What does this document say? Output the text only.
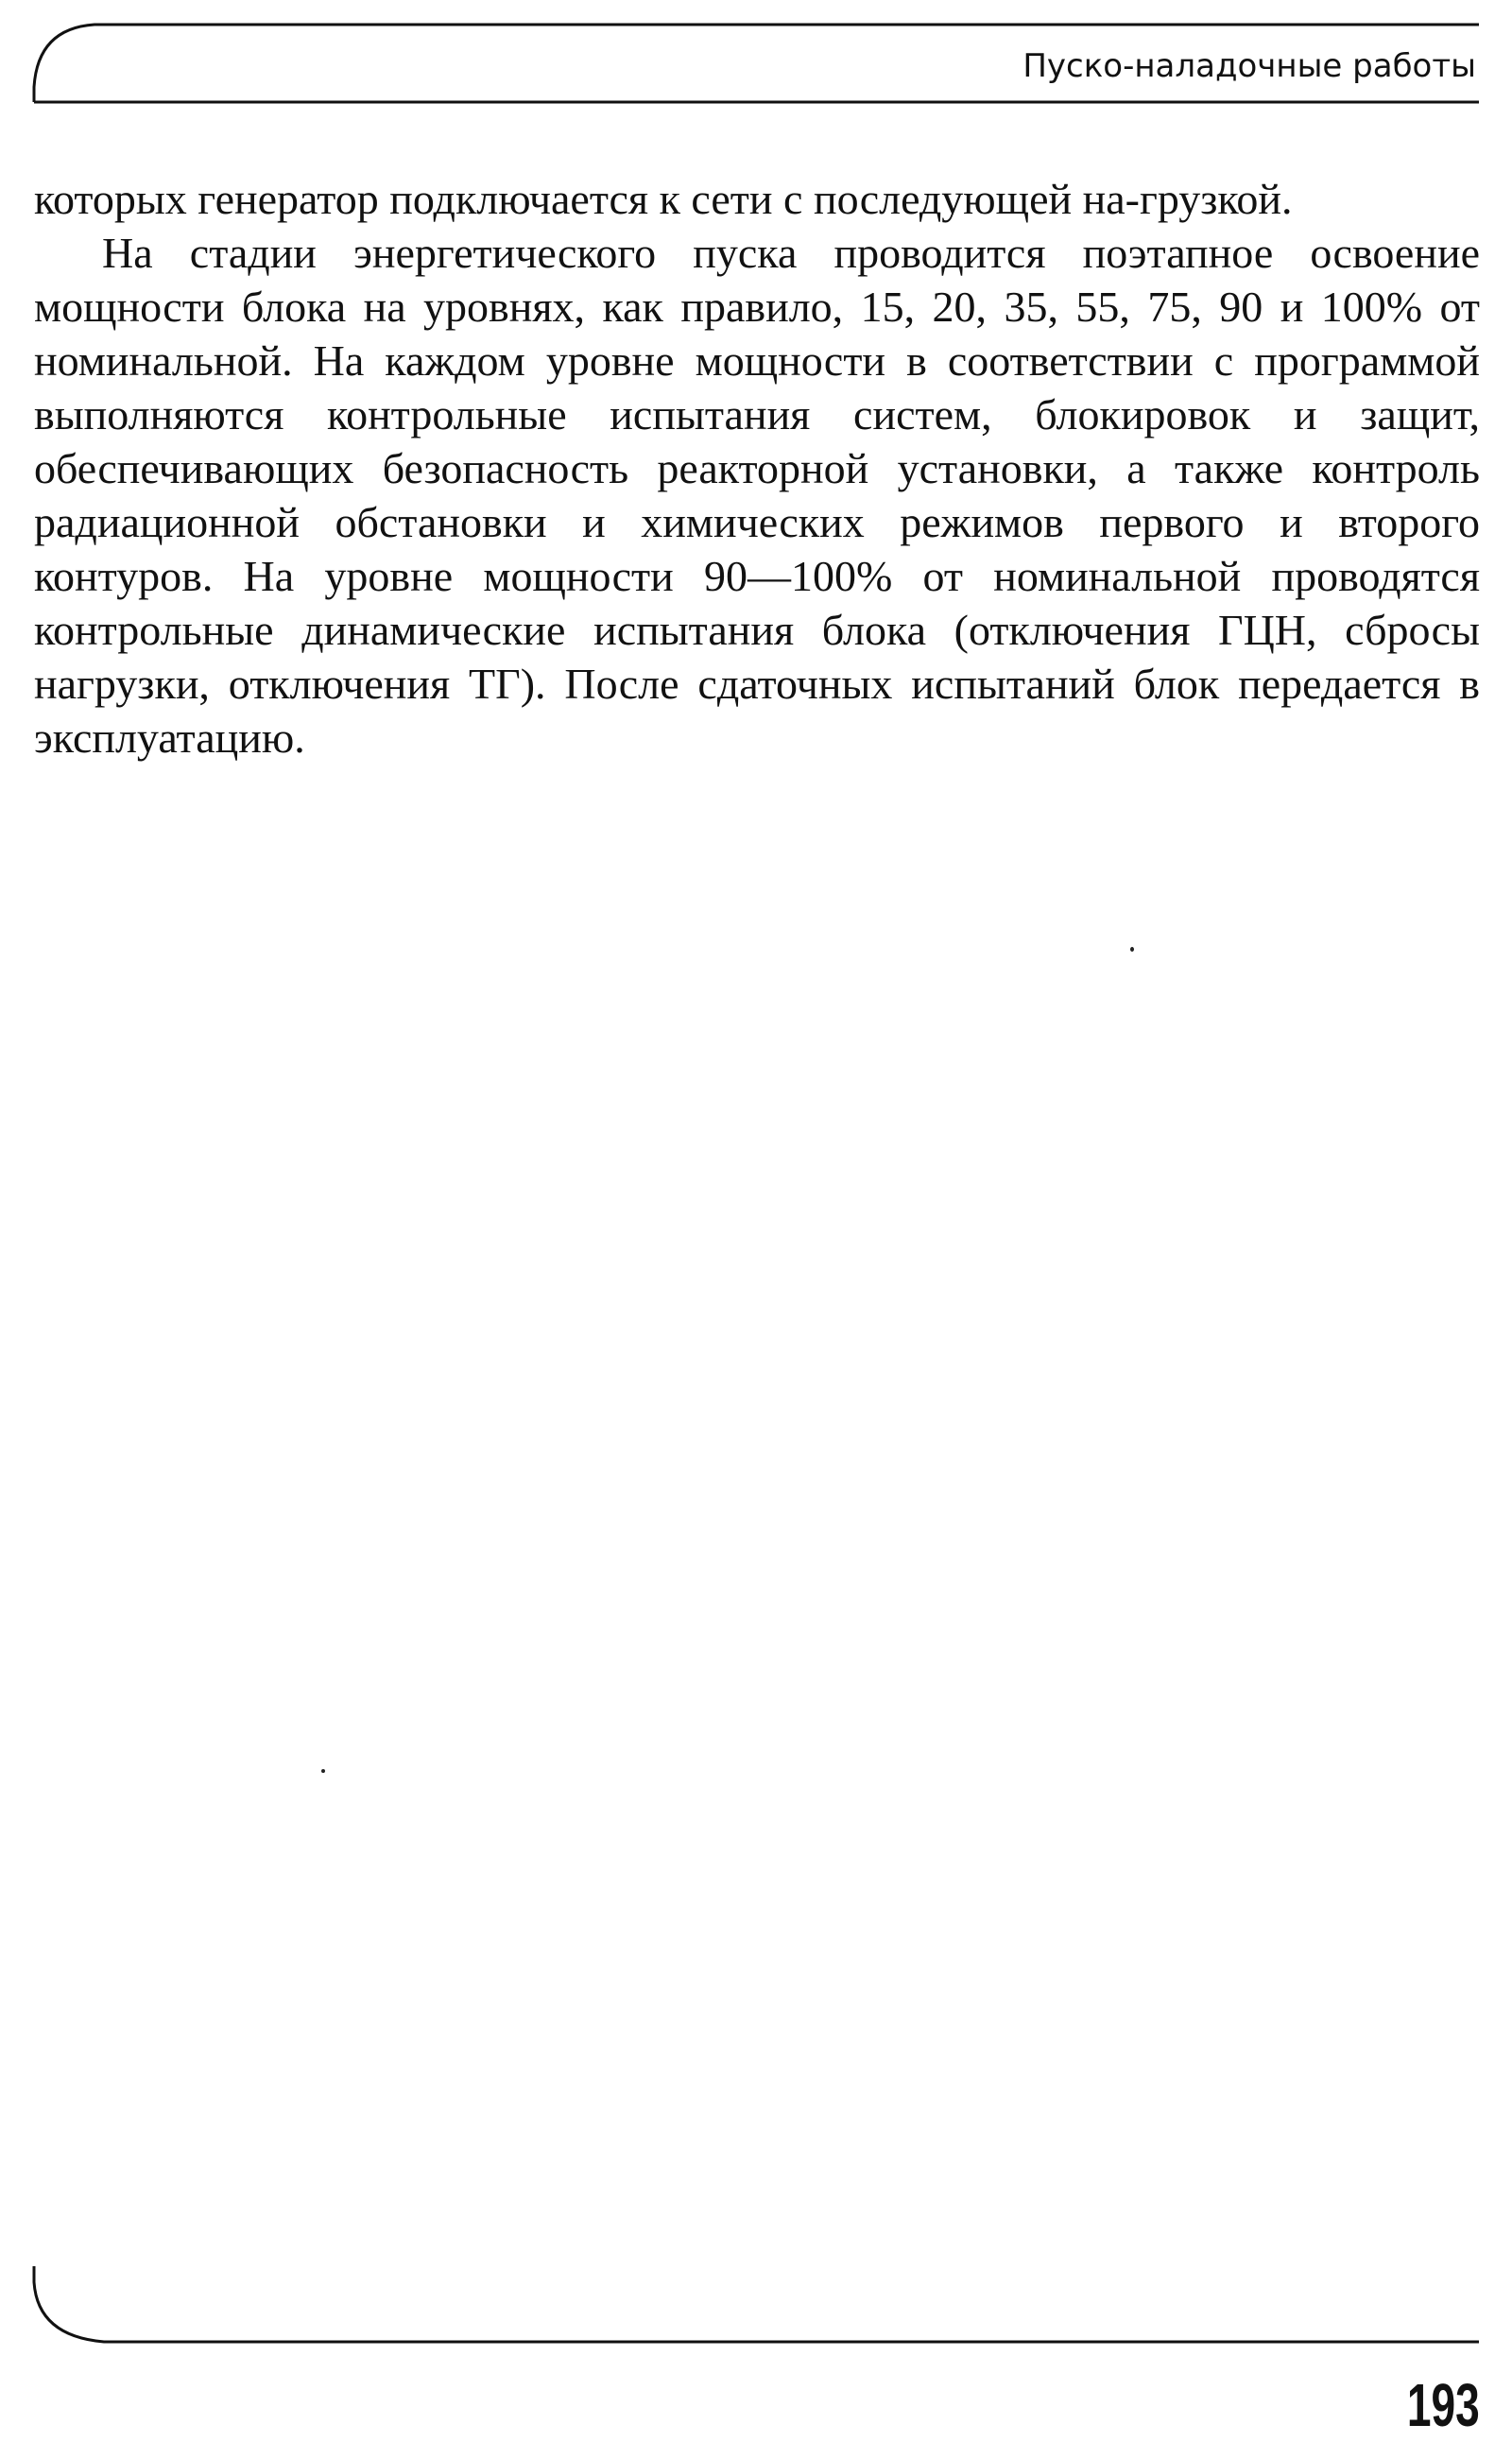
Пуско-наладочные работы

которых генератор подключается к сети с последующей на-грузкой.

На стадии энергетического пуска проводится поэтапное освоение мощности блока на уровнях, как правило, 15, 20, 35, 55, 75, 90 и 100% от номинальной. На каждом уровне мощности в соответствии с программой выполняются контрольные испытания систем, блокировок и защит, обеспечивающих безопасность реакторной установки, а также контроль радиационной обстановки и химических режимов первого и второго контуров. На уровне мощности 90—100% от номинальной проводятся контрольные динамические испытания блока (отключения ГЦН, сбросы нагрузки, отключения ТГ). После сдаточных испытаний блок передается в эксплуатацию.

193
